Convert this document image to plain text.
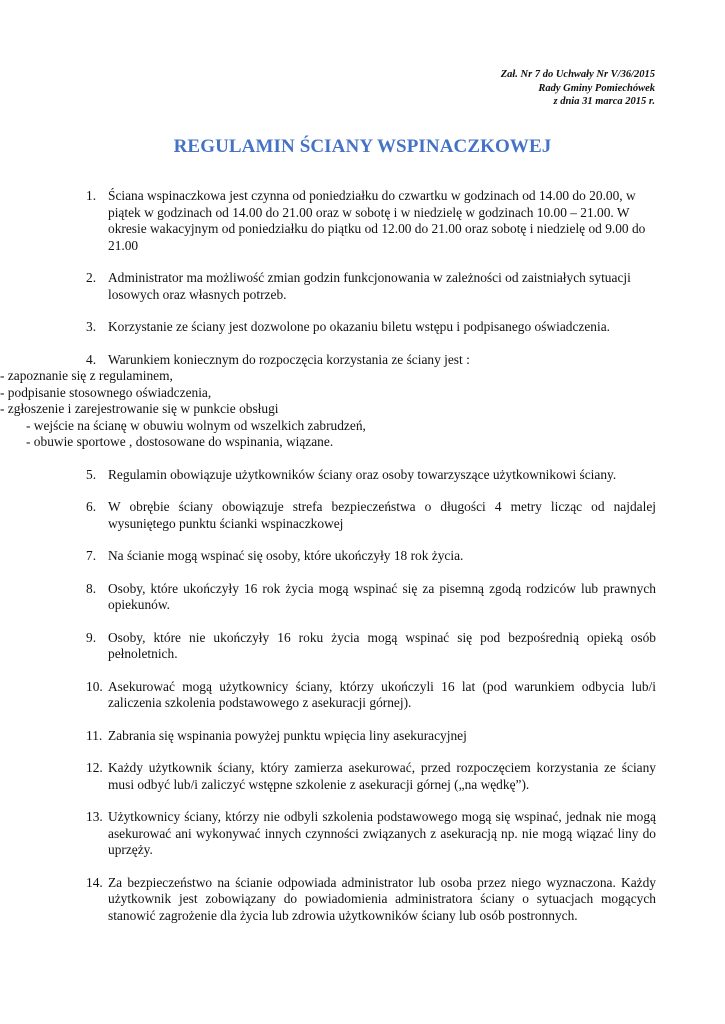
Zał. Nr 7 do Uchwały Nr V/36/2015
Rady Gminy Pomiechówek
z dnia 31 marca 2015 r.
REGULAMIN ŚCIANY WSPINACZKOWEJ
1. Ściana wspinaczkowa jest czynna od poniedziałku do czwartku w godzinach od 14.00 do 20.00, w piątek w godzinach od 14.00 do 21.00 oraz w sobotę i w niedzielę w godzinach 10.00 – 21.00. W okresie wakacyjnym od poniedziałku do piątku od 12.00 do 21.00 oraz sobotę i niedzielę od 9.00 do 21.00
2. Administrator ma możliwość zmian godzin funkcjonowania w zależności od zaistniałych sytuacji losowych oraz własnych potrzeb.
3. Korzystanie ze ściany jest dozwolone po okazaniu biletu wstępu i podpisanego oświadczenia.
4. Warunkiem koniecznym do rozpoczęcia korzystania ze ściany jest :
- zapoznanie się z regulaminem,
- podpisanie stosownego oświadczenia,
- zgłoszenie i zarejestrowanie się w punkcie obsługi
- wejście na ścianę w obuwiu wolnym od wszelkich zabrudzeń,
- obuwie sportowe , dostosowane do wspinania, wiązane.
5. Regulamin obowiązuje użytkowników ściany oraz osoby towarzyszące użytkownikowi ściany.
6. W obrębie ściany obowiązuje strefa bezpieczeństwa o długości 4 metry licząc od najdalej wysuniętego punktu ścianki wspinaczkowej
7. Na ścianie mogą wspinać się osoby, które ukończyły 18 rok życia.
8. Osoby, które ukończyły 16 rok życia mogą wspinać się za pisemną zgodą rodziców lub prawnych opiekunów.
9. Osoby, które nie ukończyły 16 roku życia mogą wspinać się pod bezpośrednią opieką osób pełnoletnich.
10. Asekurować mogą użytkownicy ściany, którzy ukończyli 16 lat (pod warunkiem odbycia lub/i zaliczenia szkolenia podstawowego z asekuracji górnej).
11. Zabrania się wspinania powyżej punktu wpięcia liny asekuracyjnej
12. Każdy użytkownik ściany, który zamierza asekurować, przed rozpoczęciem korzystania ze ściany musi odbyć lub/i zaliczyć wstępne szkolenie z asekuracji górnej („na wędkę”).
13. Użytkownicy ściany, którzy nie odbyli szkolenia podstawowego mogą się wspinać, jednak nie mogą asekurować ani wykonywać innych czynności związanych z asekuracją np. nie mogą wiązać liny do uprzęży.
14. Za bezpieczeństwo na ścianie odpowiada administrator lub osoba przez niego wyznaczona. Każdy użytkownik jest zobowiązany do powiadomienia administratora ściany o sytuacjach mogących stanowić zagrożenie dla życia lub zdrowia użytkowników ściany lub osób postronnych.
